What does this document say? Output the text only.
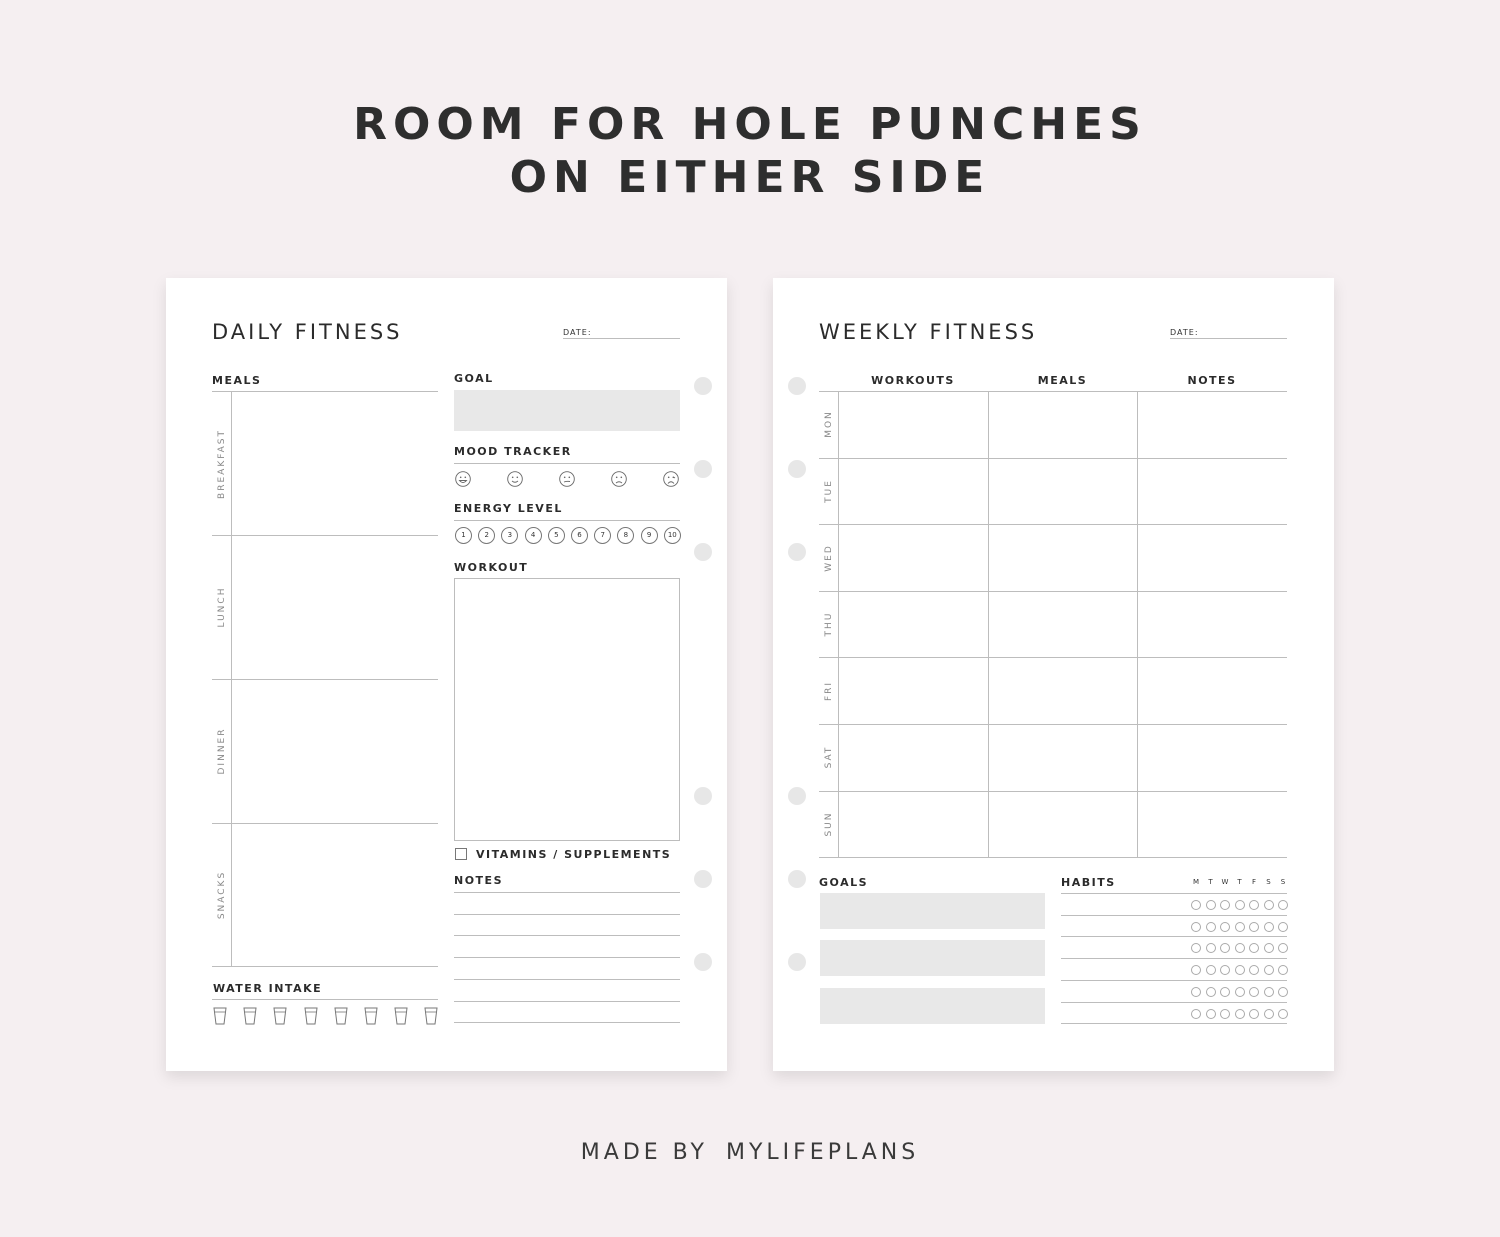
ROOM FOR HOLE PUNCHES
ON EITHER SIDE
DAILY FITNESS	DATE:
MEALS
BREAKFAST
LUNCH
DINNER
SNACKS
WATER INTAKE
GOAL
MOOD TRACKER
ENERGY LEVEL
1	2	3	4	5	6	7	8	9	10
WORKOUT
VITAMINS / SUPPLEMENTS
NOTES
WEEKLY FITNESS	DATE:
WORKOUTS	MEALS	NOTES
MON
TUE
WED
THU
FRI
SAT
SUN
GOALS	HABITS	M T W T F S S
MADE BY MYLIFEPLANS
